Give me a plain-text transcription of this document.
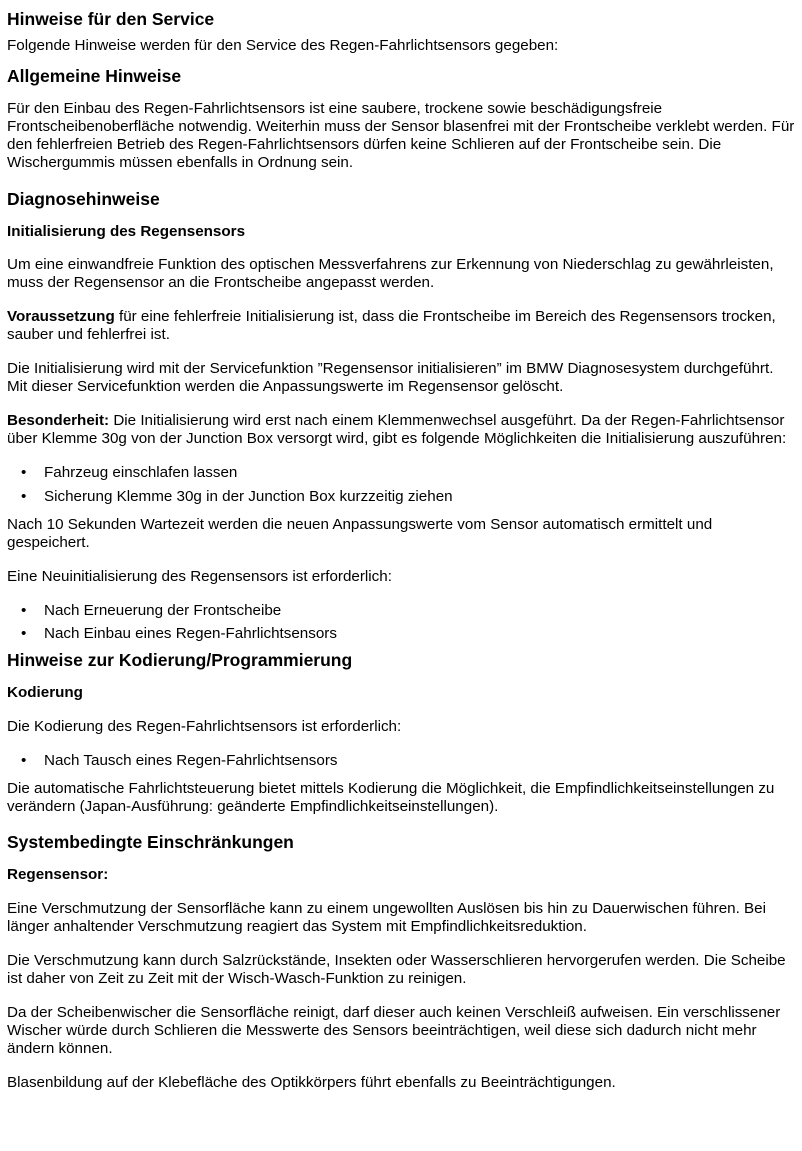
Hinweise für den Service

Folgende Hinweise werden für den Service des Regen-Fahrlichtsensors gegeben:

Allgemeine Hinweise

Für den Einbau des Regen-Fahrlichtsensors ist eine saubere, trockene sowie beschädigungsfreie Frontscheibenoberfläche notwendig. Weiterhin muss der Sensor blasenfrei mit der Frontscheibe verklebt werden. Für den fehlerfreien Betrieb des Regen-Fahrlichtsensors dürfen keine Schlieren auf der Frontscheibe sein. Die Wischergummis müssen ebenfalls in Ordnung sein.

Diagnosehinweise
Initialisierung des Regensensors

Um eine einwandfreie Funktion des optischen Messverfahrens zur Erkennung von Niederschlag zu gewährleisten, muss der Regensensor an die Frontscheibe angepasst werden.

Voraussetzung für eine fehlerfreie Initialisierung ist, dass die Frontscheibe im Bereich des Regensensors trocken, sauber und fehlerfrei ist.

Die Initialisierung wird mit der Servicefunktion ”Regensensor initialisieren” im BMW Diagnosesystem durchgeführt. Mit dieser Servicefunktion werden die Anpassungswerte im Regensensor gelöscht.

Besonderheit: Die Initialisierung wird erst nach einem Klemmenwechsel ausgeführt. Da der Regen-Fahrlichtsensor über Klemme 30g von der Junction Box versorgt wird, gibt es folgende Möglichkeiten die Initialisierung auszuführen:

• Fahrzeug einschlafen lassen
• Sicherung Klemme 30g in der Junction Box kurzzeitig ziehen

Nach 10 Sekunden Wartezeit werden die neuen Anpassungswerte vom Sensor automatisch ermittelt und gespeichert.

Eine Neuinitialisierung des Regensensors ist erforderlich:

• Nach Erneuerung der Frontscheibe
• Nach Einbau eines Regen-Fahrlichtsensors
Hinweise zur Kodierung/Programmierung
Kodierung

Die Kodierung des Regen-Fahrlichtsensors ist erforderlich:

• Nach Tausch eines Regen-Fahrlichtsensors

Die automatische Fahrlichtsteuerung bietet mittels Kodierung die Möglichkeit, die Empfindlichkeitseinstellungen zu verändern (Japan-Ausführung: geänderte Empfindlichkeitseinstellungen).

Systembedingte Einschränkungen
Regensensor:

Eine Verschmutzung der Sensorfläche kann zu einem ungewollten Auslösen bis hin zu Dauerwischen führen. Bei länger anhaltender Verschmutzung reagiert das System mit Empfindlichkeitsreduktion.

Die Verschmutzung kann durch Salzrückstände, Insekten oder Wasserschlieren hervorgerufen werden. Die Scheibe ist daher von Zeit zu Zeit mit der Wisch-Wasch-Funktion zu reinigen.

Da der Scheibenwischer die Sensorfläche reinigt, darf dieser auch keinen Verschleiß aufweisen. Ein verschlissener Wischer würde durch Schlieren die Messwerte des Sensors beeinträchtigen, weil diese sich dadurch nicht mehr ändern können.

Blasenbildung auf der Klebefläche des Optikkörpers führt ebenfalls zu Beeinträchtigungen.
